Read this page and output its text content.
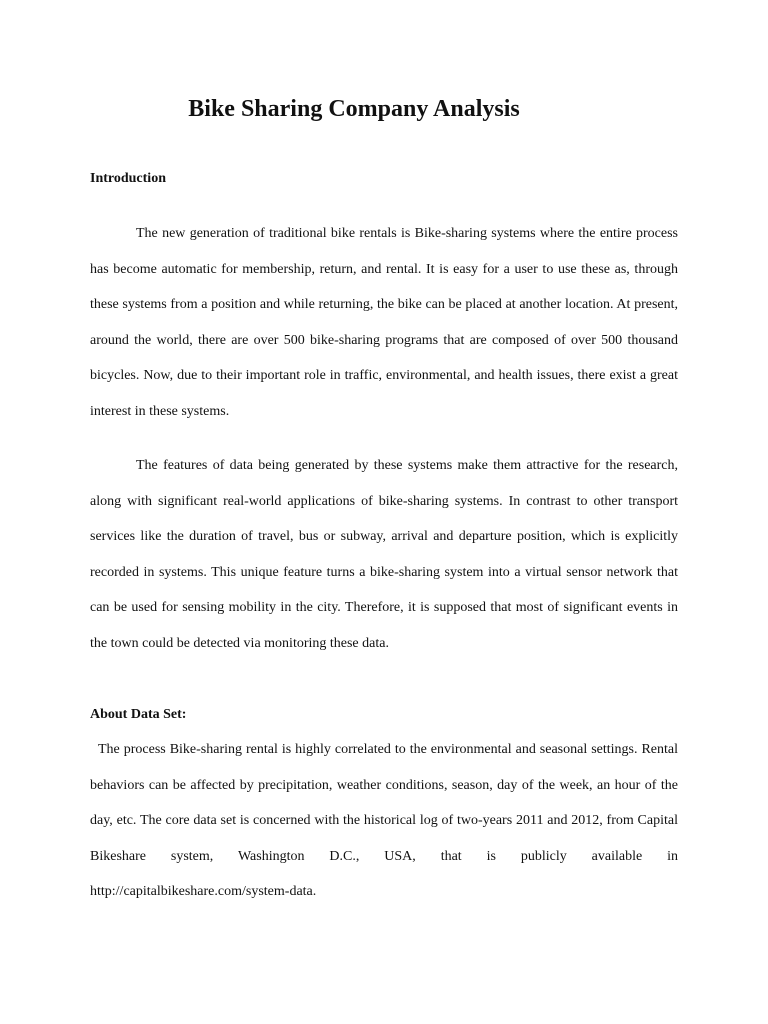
Bike Sharing Company Analysis
Introduction

The new generation of traditional bike rentals is Bike-sharing systems where the entire process has become automatic for membership, return, and rental. It is easy for a user to use these as, through these systems from a position and while returning, the bike can be placed at another location. At present, around the world, there are over 500 bike-sharing programs that are composed of over 500 thousand bicycles. Now, due to their important role in traffic, environmental, and health issues, there exist a great interest in these systems.

The features of data being generated by these systems make them attractive for the research, along with significant real-world applications of bike-sharing systems. In contrast to other transport services like the duration of travel, bus or subway, arrival and departure position, which is explicitly recorded in systems. This unique feature turns a bike-sharing system into a virtual sensor network that can be used for sensing mobility in the city. Therefore, it is supposed that most of significant events in the town could be detected via monitoring these data.

About Data Set:

The process Bike-sharing rental is highly correlated to the environmental and seasonal settings. Rental behaviors can be affected by precipitation, weather conditions, season, day of the week, an hour of the day, etc. The core data set is concerned with the historical log of two-years 2011 and 2012, from Capital Bikeshare system, Washington D.C., USA, that is publicly available in http://capitalbikeshare.com/system-data.
